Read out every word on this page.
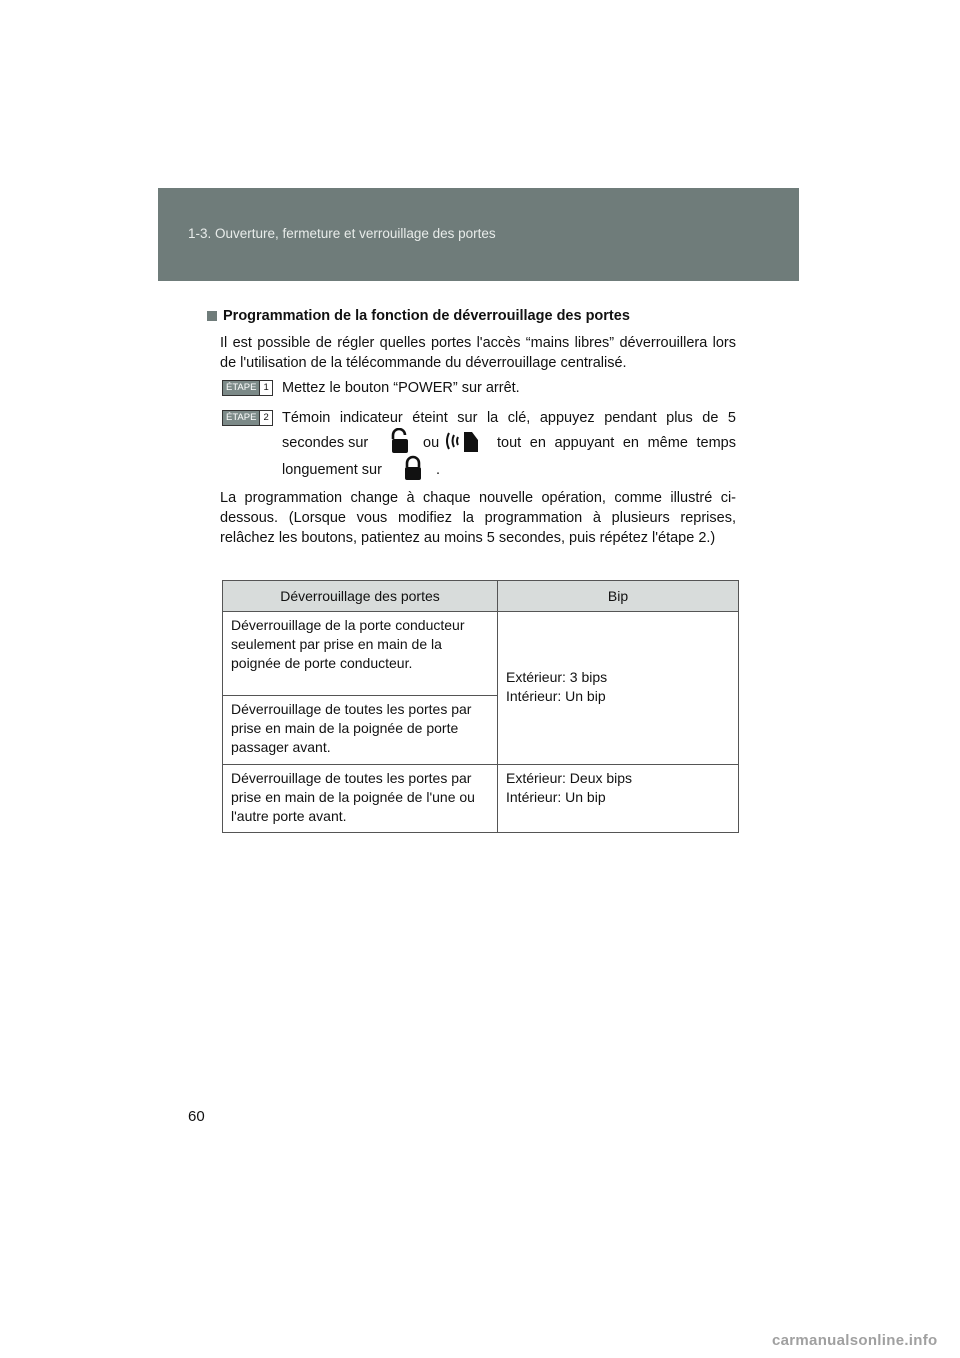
1-3. Ouverture, fermeture et verrouillage des portes
Programmation de la fonction de déverrouillage des portes
Il est possible de régler quelles portes l'accès “mains libres” déverrouillera lors de l'utilisation de la télécommande du déverrouillage centralisé.
ÉTAPE 1 Mettez le bouton “POWER” sur arrêt.
ÉTAPE 2 Témoin indicateur éteint sur la clé, appuyez pendant plus de 5
secondes sur	ou	tout en appuyant en même temps
longuement sur	.
La programmation change à chaque nouvelle opération, comme illustré ci-dessous. (Lorsque vous modifiez la programmation à plusieurs reprises, relâchez les boutons, patientez au moins 5 secondes, puis répétez l'étape 2.)
Déverrouillage des portes	Bip
Déverrouillage de la porte conducteur seulement par prise en main de la poignée de porte conducteur.	Extérieur: 3 bips
Intérieur: Un bip

Déverrouillage de toutes les portes par prise en main de la poignée de porte passager avant.	
Déverrouillage de toutes les portes par prise en main de la poignée de l'une ou l'autre porte avant.	Extérieur: Deux bips
Intérieur: Un bip
60
carmanualsonline.info
